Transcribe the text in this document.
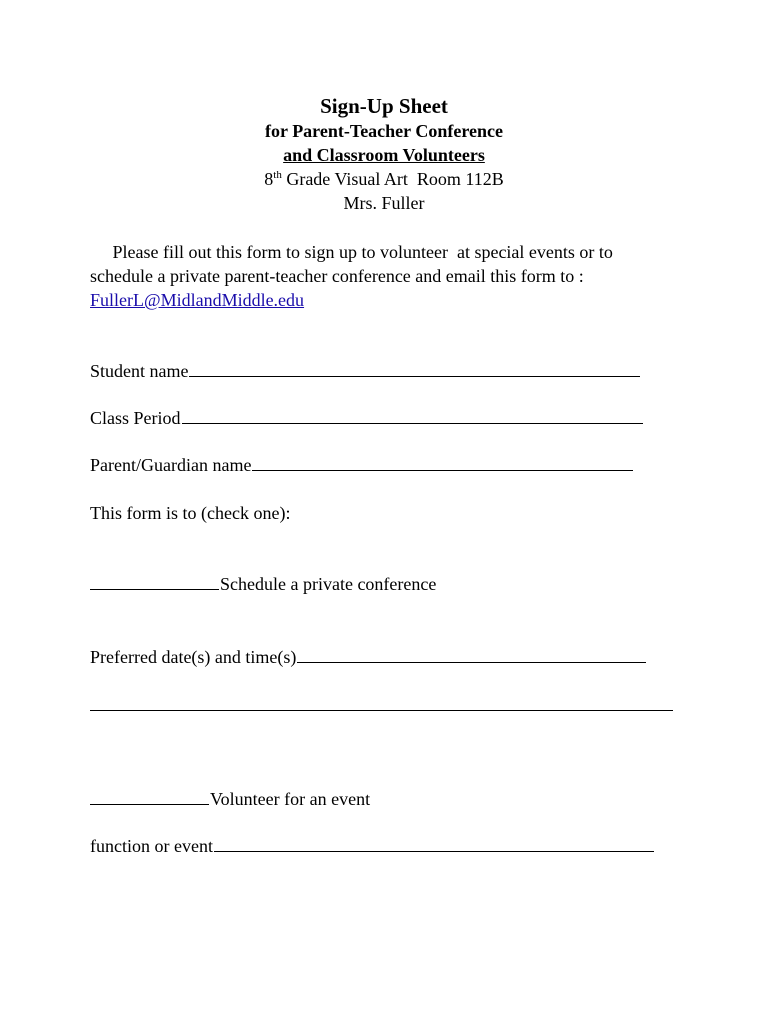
Sign-Up Sheet
for Parent-Teacher Conference
and Classroom Volunteers
8th Grade Visual Art  Room 112B
Mrs. Fuller
Please fill out this form to sign up to volunteer  at special events or to
schedule a private parent-teacher conference and email this form to :
FullerL@MidlandMiddle.edu
Student name
Class Period
Parent/Guardian name
This form is to (check one):
Schedule a private conference
Preferred date(s) and time(s)
Volunteer for an event
function or event
